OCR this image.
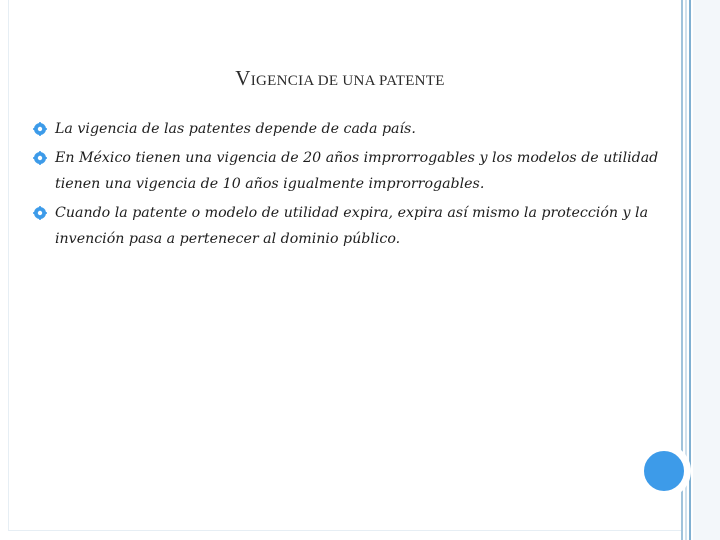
VIGENCIA DE UNA PATENTE
La vigencia de las patentes depende de cada país.
En México tienen una vigencia de 20 años improrrogables y los modelos de utilidad tienen una vigencia de 10 años igualmente improrrogables.
Cuando la patente o modelo de utilidad expira, expira así mismo la protección y la invención pasa a pertenecer al dominio público.
